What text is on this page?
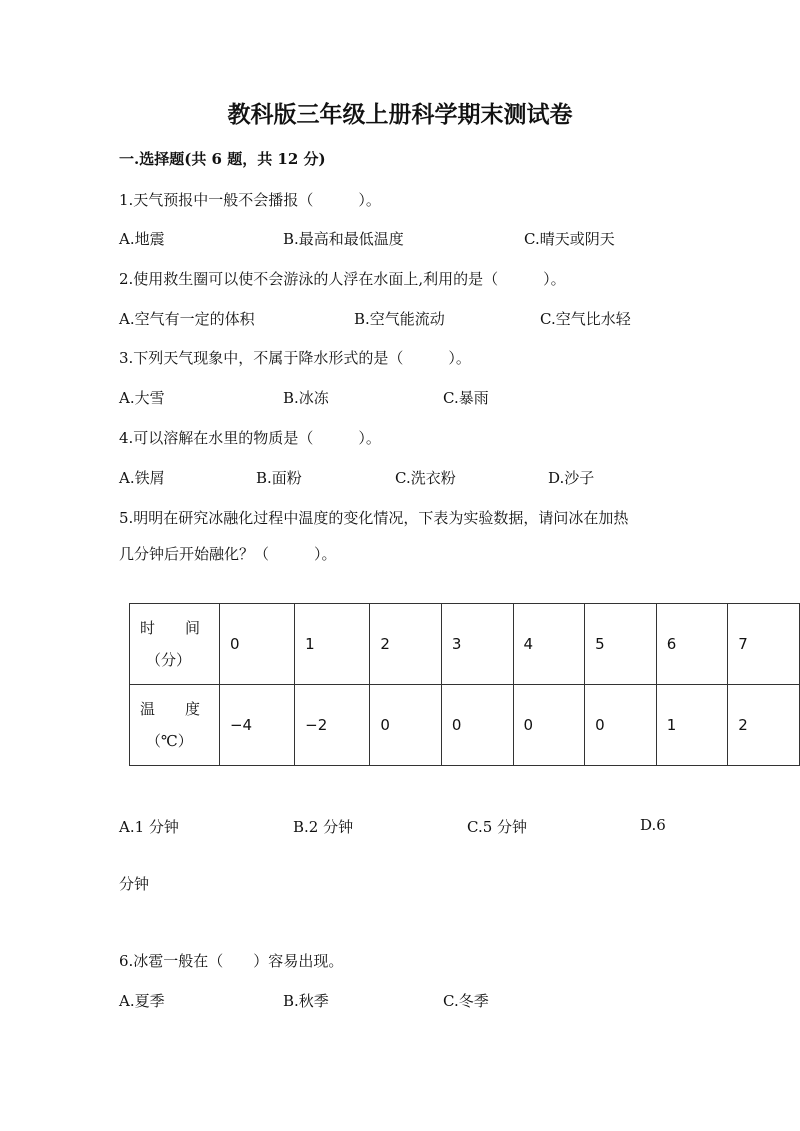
教科版三年级上册科学期末测试卷
一.选择题(共 6 题，共 12 分)
1.天气预报中一般不会播报（　　　）。
A.地震	B.最高和最低温度	C.晴天或阴天
2.使用救生圈可以使不会游泳的人浮在水面上,利用的是（　　　）。
A.空气有一定的体积	B.空气能流动	C.空气比水轻
3.下列天气现象中，不属于降水形式的是（　　　）。
A.大雪	B.冰冻	C.暴雨
4.可以溶解在水里的物质是（　　　）。
A.铁屑	B.面粉	C.洗衣粉	D.沙子
5.明明在研究冰融化过程中温度的变化情况，下表为实验数据，请问冰在加热
几分钟后开始融化？（　　　）。
时　　间
（分）	0	1	2	3	4	5	6	7

温　　度
（℃）	−4	−2	0	0	0	0	1	2
A.1 分钟	B.2 分钟	C.5 分钟	D.6
分钟
6.冰雹一般在（　　）容易出现。
A.夏季	B.秋季	C.冬季
